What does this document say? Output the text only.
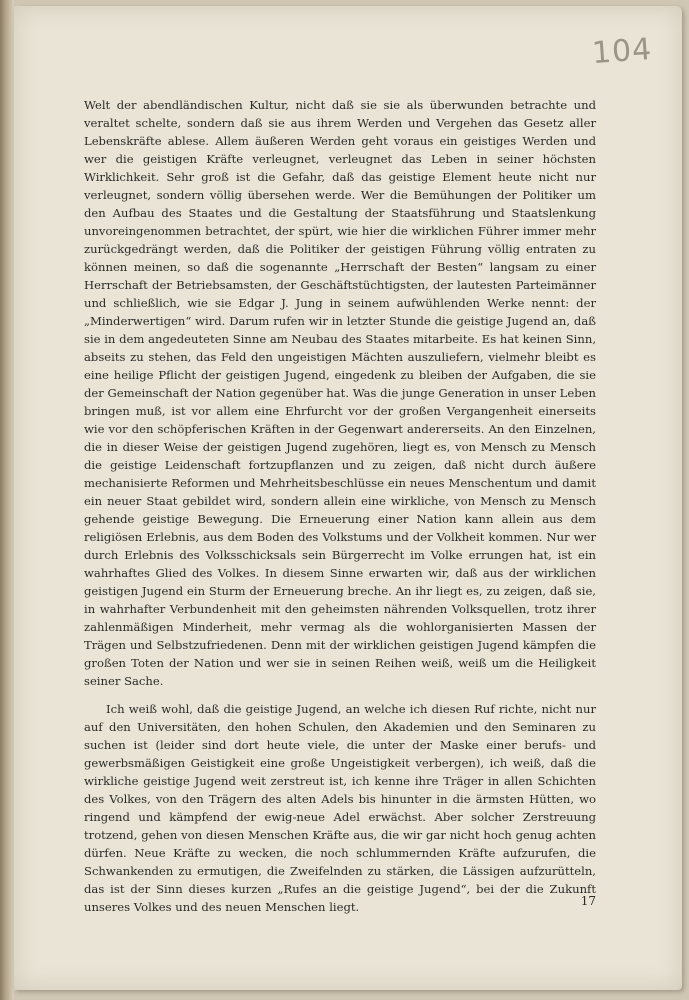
104

Welt der abendländischen Kultur, nicht daß sie sie als überwunden betrachte und veraltet schelte, sondern daß sie aus ihrem Werden und Vergehen das Gesetz aller Lebenskräfte ablese. Allem äußeren Werden geht voraus ein geistiges Werden und wer die geistigen Kräfte verleugnet, verleugnet das Leben in seiner höchsten Wirklichkeit. Sehr groß ist die Gefahr, daß das geistige Element heute nicht nur verleugnet, sondern völlig übersehen werde. Wer die Bemühungen der Politiker um den Aufbau des Staates und die Gestaltung der Staatsführung und Staatslenkung unvoreingenommen betrachtet, der spürt, wie hier die wirklichen Führer immer mehr zurückgedrängt werden, daß die Politiker der geistigen Führung völlig entraten zu können meinen, so daß die sogenannte „Herrschaft der Besten“ langsam zu einer Herrschaft der Betriebsamsten, der Geschäftstüchtigsten, der lautesten Parteimänner und schließlich, wie sie Edgar J. Jung in seinem aufwühlenden Werke nennt: der „Minderwertigen“ wird. Darum rufen wir in letzter Stunde die geistige Jugend an, daß sie in dem angedeuteten Sinne am Neubau des Staates mitarbeite. Es hat keinen Sinn, abseits zu stehen, das Feld den ungeistigen Mächten auszuliefern, vielmehr bleibt es eine heilige Pflicht der geistigen Jugend, eingedenk zu bleiben der Aufgaben, die sie der Gemeinschaft der Nation gegenüber hat. Was die junge Generation in unser Leben bringen muß, ist vor allem eine Ehrfurcht vor der großen Vergangenheit einerseits wie vor den schöpferischen Kräften in der Gegenwart andererseits. An den Einzelnen, die in dieser Weise der geistigen Jugend zugehören, liegt es, von Mensch zu Mensch die geistige Leidenschaft fortzupflanzen und zu zeigen, daß nicht durch äußere mechanisierte Reformen und Mehrheitsbeschlüsse ein neues Menschentum und damit ein neuer Staat gebildet wird, sondern allein eine wirkliche, von Mensch zu Mensch gehende geistige Bewegung. Die Erneuerung einer Nation kann allein aus dem religiösen Erlebnis, aus dem Boden des Volkstums und der Volkheit kommen. Nur wer durch Erlebnis des Volksschicksals sein Bürgerrecht im Volke errungen hat, ist ein wahrhaftes Glied des Volkes. In diesem Sinne erwarten wir, daß aus der wirklichen geistigen Jugend ein Sturm der Erneuerung breche. An ihr liegt es, zu zeigen, daß sie, in wahrhafter Verbundenheit mit den geheimsten nährenden Volksquellen, trotz ihrer zahlenmäßigen Minderheit, mehr vermag als die wohlorganisierten Massen der Trägen und Selbstzufriedenen. Denn mit der wirklichen geistigen Jugend kämpfen die großen Toten der Nation und wer sie in seinen Reihen weiß, weiß um die Heiligkeit seiner Sache.

Ich weiß wohl, daß die geistige Jugend, an welche ich diesen Ruf richte, nicht nur auf den Universitäten, den hohen Schulen, den Akademien und den Seminaren zu suchen ist (leider sind dort heute viele, die unter der Maske einer berufs- und gewerbsmäßigen Geistigkeit eine große Ungeistigkeit verbergen), ich weiß, daß die wirkliche geistige Jugend weit zerstreut ist, ich kenne ihre Träger in allen Schichten des Volkes, von den Trägern des alten Adels bis hinunter in die ärmsten Hütten, wo ringend und kämpfend der ewig-neue Adel erwächst. Aber solcher Zerstreuung trotzend, gehen von diesen Menschen Kräfte aus, die wir gar nicht hoch genug achten dürfen. Neue Kräfte zu wecken, die noch schlummernden Kräfte aufzurufen, die Schwankenden zu ermutigen, die Zweifelnden zu stärken, die Lässigen aufzurütteln, das ist der Sinn dieses kurzen „Rufes an die geistige Jugend“, bei der die Zukunft unseres Volkes und des neuen Menschen liegt.	17
